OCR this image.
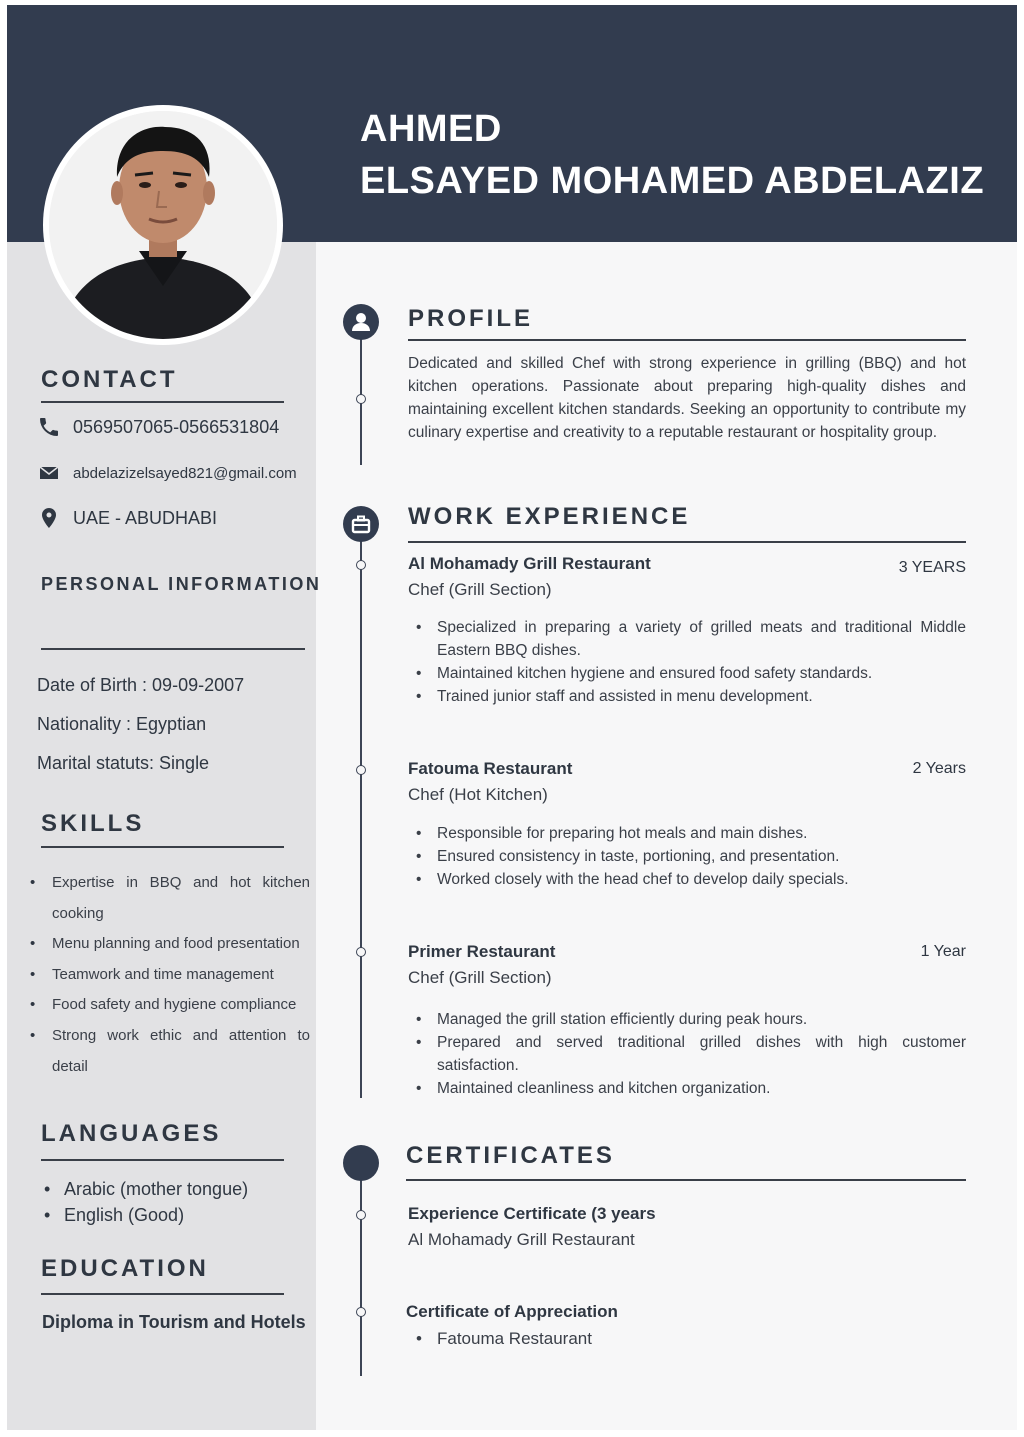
AHMED
ELSAYED MOHAMED ABDELAZIZ
CONTACT
0569507065-0566531804
abdelazizelsayed821@gmail.com
UAE - ABUDHABI
PERSONAL INFORMATION
Date of Birth : 09-09-2007
Nationality : Egyptian
Marital statuts: Single
SKILLS
• Expertise in BBQ and hot kitchen cooking
• Menu planning and food presentation
• Teamwork and time management
• Food safety and hygiene compliance
• Strong work ethic and attention to detail
LANGUAGES
• Arabic (mother tongue)
• English (Good)
EDUCATION
Diploma in Tourism and Hotels
PROFILE
Dedicated and skilled Chef with strong experience in grilling (BBQ) and hot kitchen operations. Passionate about preparing high-quality dishes and maintaining excellent kitchen standards. Seeking an opportunity to contribute my culinary expertise and creativity to a reputable restaurant or hospitality group.
WORK EXPERIENCE
Al Mohamady Grill Restaurant	3 YEARS
Chef (Grill Section)
• Specialized in preparing a variety of grilled meats and traditional Middle Eastern BBQ dishes.
• Maintained kitchen hygiene and ensured food safety standards.
• Trained junior staff and assisted in menu development.
Fatouma Restaurant	2 Years
Chef (Hot Kitchen)
• Responsible for preparing hot meals and main dishes.
• Ensured consistency in taste, portioning, and presentation.
• Worked closely with the head chef to develop daily specials.
Primer Restaurant	1 Year
Chef (Grill Section)
• Managed the grill station efficiently during peak hours.
• Prepared and served traditional grilled dishes with high customer satisfaction.
• Maintained cleanliness and kitchen organization.
CERTIFICATES
Experience Certificate (3 years
Al Mohamady Grill Restaurant
Certificate of Appreciation
• Fatouma Restaurant
